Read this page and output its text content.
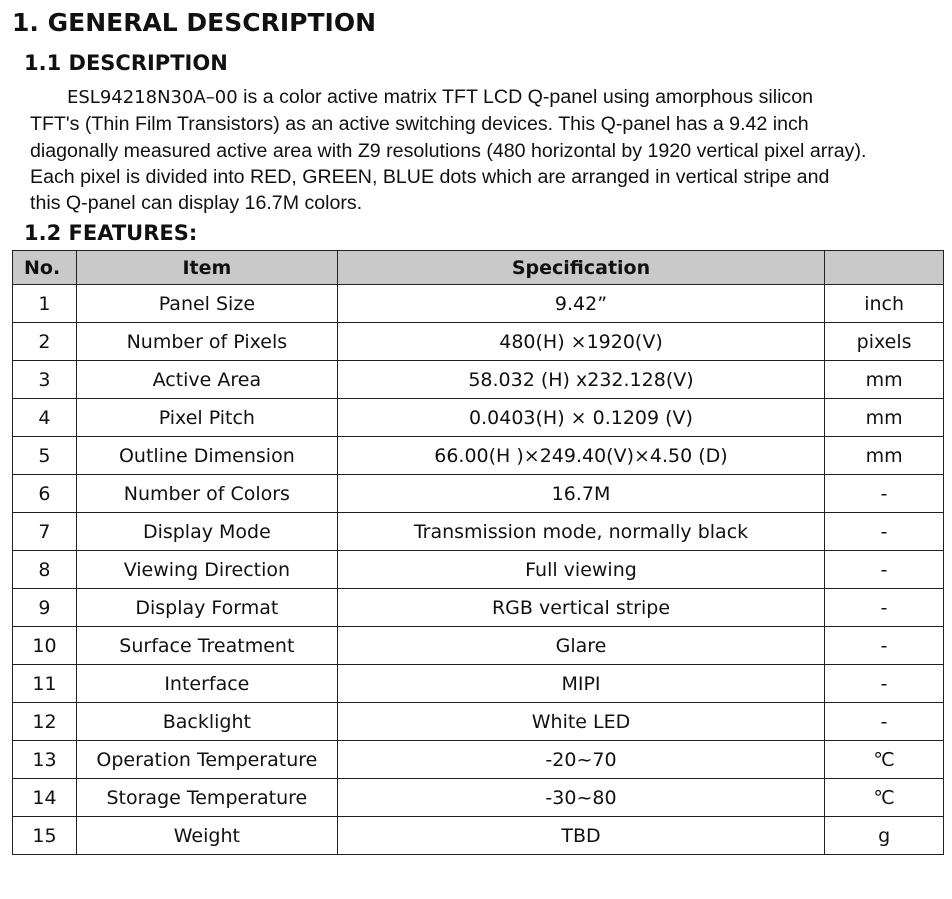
1. GENERAL DESCRIPTION
1.1 DESCRIPTION
ESL94218N30A–00 is a color active matrix TFT LCD Q-panel using amorphous silicon
TFT's (Thin Film Transistors) as an active switching devices. This Q-panel has a 9.42 inch
diagonally measured active area with Z9 resolutions (480 horizontal by 1920 vertical pixel array).
Each pixel is divided into RED, GREEN, BLUE dots which are arranged in vertical stripe and
this Q-panel can display 16.7M colors.
1.2 FEATURES:
No.	Item	Specification	
1	Panel Size	9.42”	inch
2	Number of Pixels	480(H) ×1920(V)	pixels
3	Active Area	58.032 (H) x232.128(V)	mm
4	Pixel Pitch	0.0403(H) × 0.1209 (V)	mm
5	Outline Dimension	66.00(H )×249.40(V)×4.50 (D)	mm
6	Number of Colors	16.7M	-
7	Display Mode	Transmission mode, normally black	-
8	Viewing Direction	Full viewing	-
9	Display Format	RGB vertical stripe	-
10	Surface Treatment	Glare	-
11	Interface	MIPI	-
12	Backlight	White LED	-
13	Operation Temperature	-20~70	℃
14	Storage Temperature	-30~80	℃
15	Weight	TBD	g
